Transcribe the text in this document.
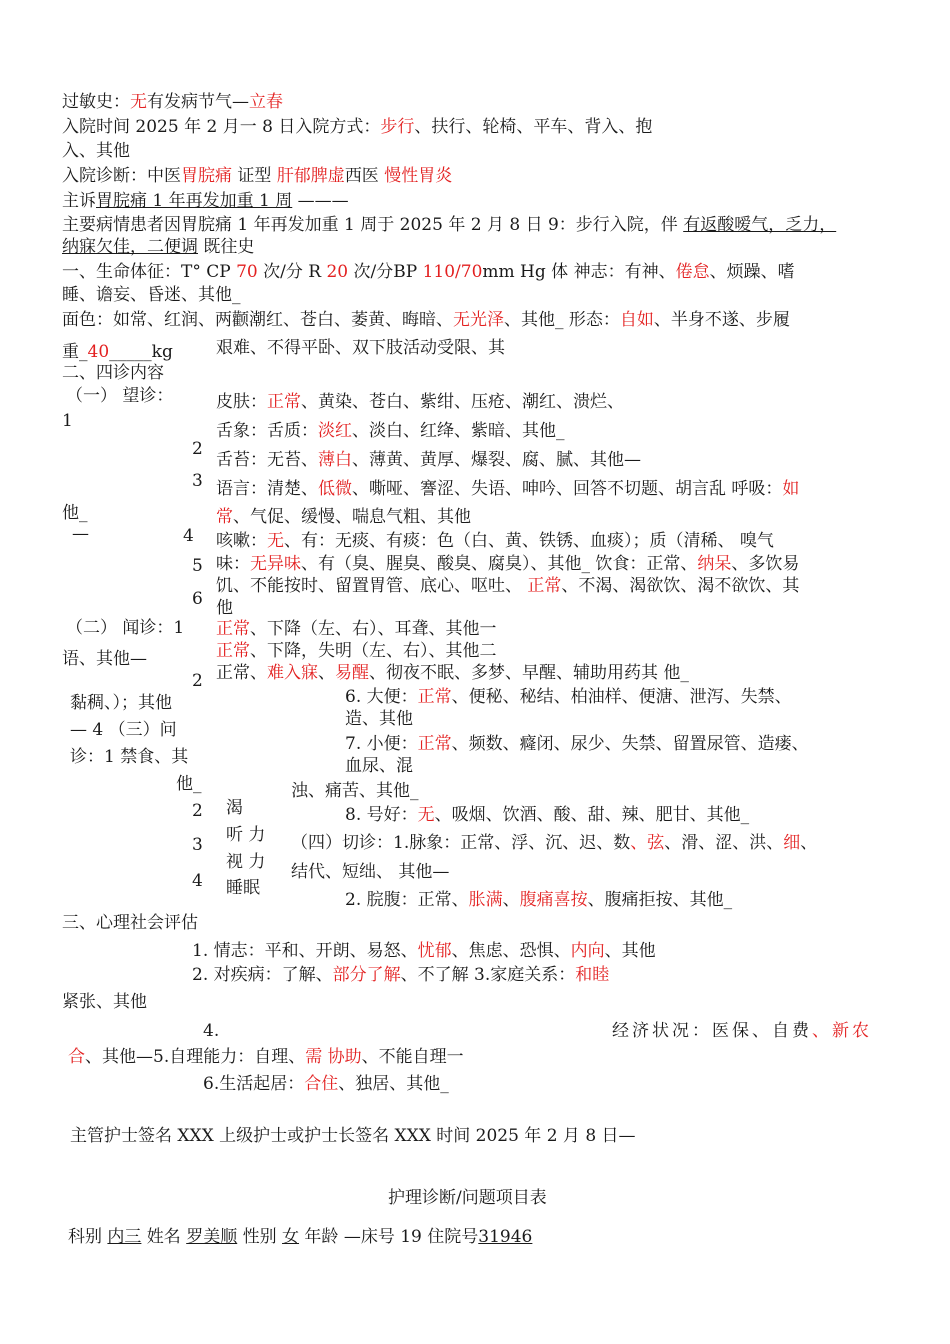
过敏史：无有发病节气—立春
入院时间 2025 年 2 月一 8 日入院方式：步行、扶行、轮椅、平车、背入、抱
入、其他
入院诊断：中医胃脘痛 证型 肝郁脾虚西医 慢性胃炎
主诉胃脘痛 1 年再发加重 1 周 ———
主要病情患者因胃脘痛 1 年再发加重 1 周于 2025 年 2 月 8 日 9：步行入院，伴 有返酸嗳气，乏力，
纳寐欠佳，二便调 既往史
一、生命体征：T° CP 70 次/分 R 20 次/分BP 110/70mm Hg 体 神志：有神、倦怠、烦躁、嗜
睡、谵妄、昏迷、其他_
面色：如常、红润、两颧潮红、苍白、萎黄、晦暗、无光泽、其他_ 形态：自如、半身不遂、步履
重_40_____kg	艰难、不得平卧、双下肢活动受限、其
二、四诊内容
（一） 望诊：	皮肤：正常、黄染、苍白、紫绀、压疮、潮红、溃烂、
1	舌象：舌质：淡红、淡白、红绛、紫暗、其他_
2
舌苔：无苔、薄白、薄黄、黄厚、爆裂、腐、腻、其他—
3 语言：清楚、低微、嘶哑、謇涩、失语、呻吟、回答不切题、胡言乱 呼吸：如
他_	常、气促、缓慢、喘息气粗、其他
—	4 咳嗽：无、有：无痰、有痰：色（白、黄、铁锈、血痰）；质（清稀、 嗅气
5 味：无异味、有（臭、腥臭、酸臭、腐臭）、其他_ 饮食：正常、纳呆、多饮易
饥、不能按时、留置胃管、底心、呕吐、 正常、不渴、渴欲饮、渴不欲饮、其
6 他
（二） 闻诊：1 正常、下降（左、右）、耳聋、其他一
正常、下降，失明（左、右）、其他二
语、其他—
正常、难入寐、易醒、彻夜不眠、多梦、早醒、辅助用药其 他_
2
黏稠、）；其他	6. 大便：正常、便秘、秘结、柏油样、便溏、泄泻、失禁、
— 4 （三）问
造、其他
7. 小便：正常、频数、癃闭、尿少、失禁、留置尿管、造瘘、
诊：1 禁食、其	血尿、混
他_	浊、痛苦、其他_
2 渴	8. 号好：无、吸烟、饮酒、酸、甜、辣、肥甘、其他_
听 力
3	（四）切诊：1.脉象：正常、浮、沉、迟、数、弦、滑、涩、洪、细、
视 力 结代、短绌、 其他—
4 睡眠
2. 脘腹：正常、胀满、腹痛喜按、腹痛拒按、其他_
三、心理社会评估
1. 情志：平和、开朗、易怒、忧郁、焦虑、恐惧、内向、其他
2. 对疾病：了解、部分了解、不了解 3.家庭关系：和睦
紧张、其他
4.	经济状况：医保、自费、新农
合、其他—5.自理能力：自理、需 协助、不能自理一
6.生活起居：合住、独居、其他_
主管护士签名 XXX 上级护士或护士长签名 XXX 时间 2025 年 2 月 8 日—
护理诊断/问题项目表
科别 内三 姓名 罗美顺 性别 女 年龄 —床号 19 住院号31946
